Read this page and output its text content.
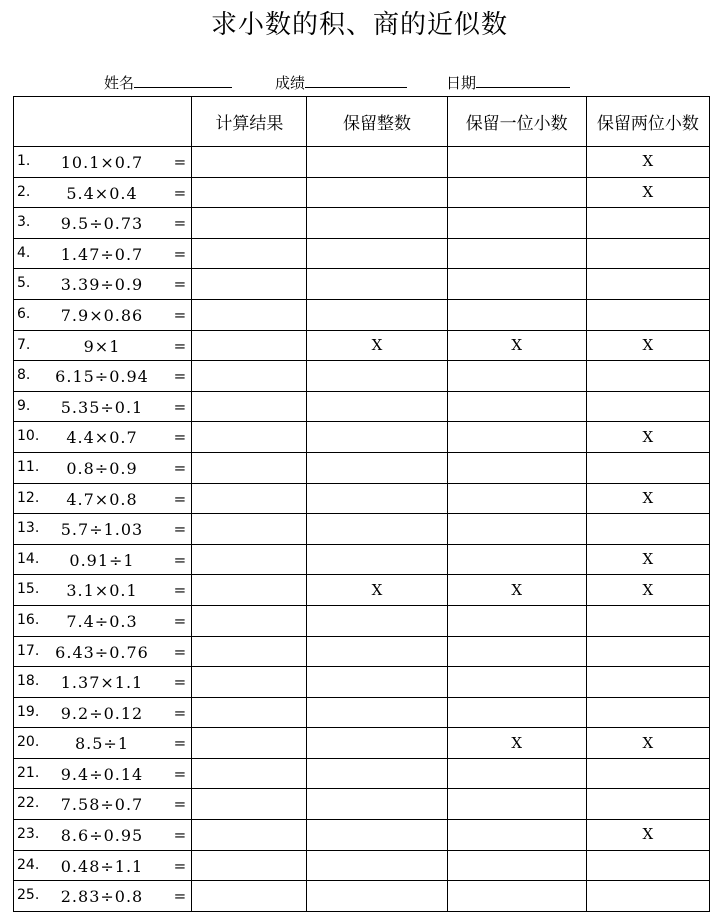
求小数的积、商的近似数
姓名	成绩	日期
	计算结果	保留整数	保留一位小数	保留两位小数

1. 10.1×0.7 =				X

2. 5.4×0.4 =				X

3. 9.5÷0.73 =				

4. 1.47÷0.7 =				

5. 3.39÷0.9 =				

6. 7.9×0.86 =				

7. 9×1 =		X	X	X

8. 6.15÷0.94 =				

9. 5.35÷0.1 =				

10. 4.4×0.7 =				X

11. 0.8÷0.9 =				

12. 4.7×0.8 =				X

13. 5.7÷1.03 =				

14. 0.91÷1 =				X

15. 3.1×0.1 =		X	X	X

16. 7.4÷0.3 =				

17. 6.43÷0.76 =				

18. 1.37×1.1 =				

19. 9.2÷0.12 =				

20. 8.5÷1 =			X	X

21. 9.4÷0.14 =				

22. 7.58÷0.7 =				

23. 8.6÷0.95 =				X

24. 0.48÷1.1 =				

25. 2.83÷0.8 =				
